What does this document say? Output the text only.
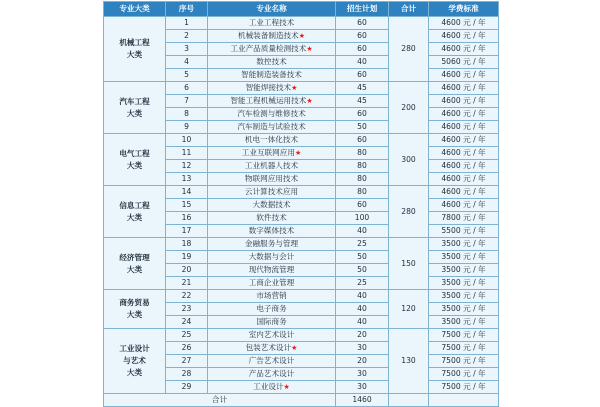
专业大类	序号	专业名称	招生计划	合计	学费标准

机械工程
大类	1	工业工程技术	60	280	4600 元 / 年
	2	机械装备制造技术★	60		4600 元 / 年
	3	工业产品质量检测技术★	60		4600 元 / 年
	4	数控技术	40		5060 元 / 年
	5	智能制造装备技术	60		4600 元 / 年

汽车工程
大类	6	智能焊接技术★	45	200	4600 元 / 年
	7	智能工程机械运用技术★	45		4600 元 / 年
	8	汽车检测与维修技术	60		4600 元 / 年
	9	汽车制造与试验技术	50		4600 元 / 年

电气工程
大类	10	机电一体化技术	60	300	4600 元 / 年
	11	工业互联网应用★	80		4600 元 / 年
	12	工业机器人技术	80		4600 元 / 年
	13	物联网应用技术	80		4600 元 / 年

信息工程
大类	14	云计算技术应用	80	280	4600 元 / 年
	15	大数据技术	60		4600 元 / 年
	16	软件技术	100		7800 元 / 年
	17	数字媒体技术	40		5500 元 / 年

经济管理
大类	18	金融服务与管理	25	150	3500 元 / 年
	19	大数据与会计	50		3500 元 / 年
	20	现代物流管理	50		3500 元 / 年
	21	工商企业管理	25		3500 元 / 年

商务贸易
大类	22	市场营销	40	120	3500 元 / 年
	23	电子商务	40		3500 元 / 年
	24	国际商务	40		3500 元 / 年

工业设计
与艺术
大类	25	室内艺术设计	20	130	7500 元 / 年
	26	包装艺术设计★	30		7500 元 / 年
	27	广告艺术设计	20		7500 元 / 年
	28	产品艺术设计	30		7500 元 / 年
	29	工业设计★	30		7500 元 / 年
合计			1460		
